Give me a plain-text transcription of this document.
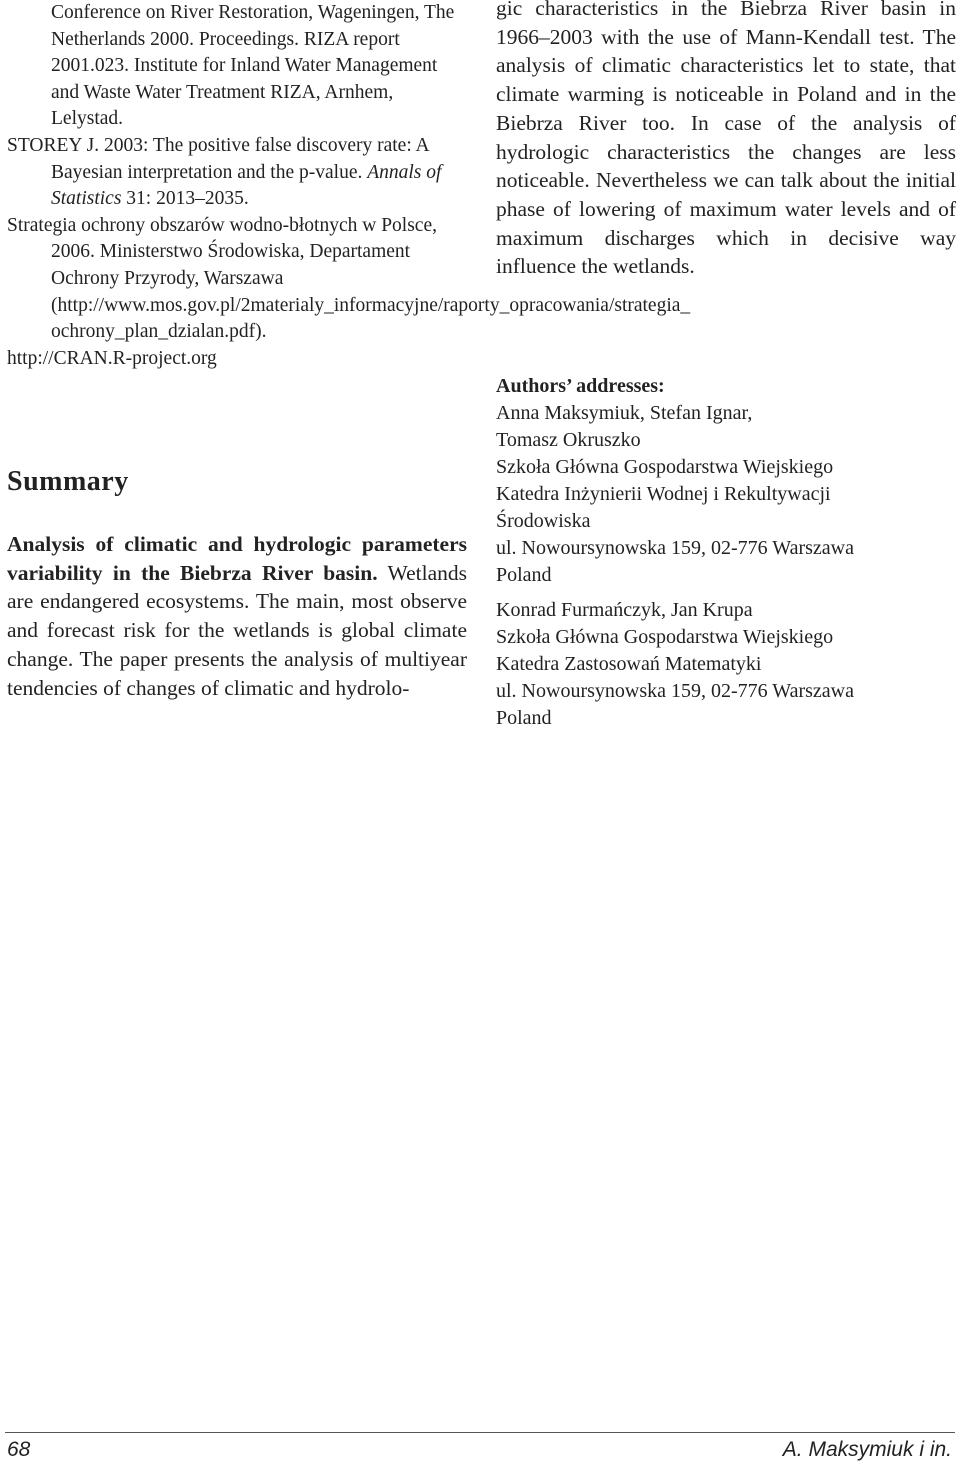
Conference on River Restoration, Wageningen, The Netherlands 2000. Proceedings. RIZA report 2001.023. Institute for Inland Water Management and Waste Water Treatment RIZA, Arnhem, Lelystad.

STOREY J. 2003: The positive false discovery rate: A Bayesian interpretation and the p-value. Annals of Statistics 31: 2013–2035.

Strategia ochrony obszarów wodno-błotnych w Polsce, 2006. Ministerstwo Środowiska, Departament Ochrony Przyrody, Warszawa (http://www.mos.gov.pl/2materialy_informacyjne/raporty_opracowania/strategia_ ochrony_plan_dzialan.pdf).

http://CRAN.R-project.org

Summary

Analysis of climatic and hydrologic parameters variability in the Biebrza River basin. Wetlands are endangered ecosystems. The main, most observe and forecast risk for the wetlands is global climate change. The paper presents the analysis of multiyear tendencies of changes of climatic and hydrolo-

gic characteristics in the Biebrza River basin in 1966–2003 with the use of Mann-Kendall test. The analysis of climatic characteristics let to state, that climate warming is noticeable in Poland and in the Biebrza River too. In case of the analysis of hydrologic characteristics the changes are less noticeable. Nevertheless we can talk about the initial phase of lowering of maximum water levels and of maximum discharges which in decisive way influence the wetlands.

Authors’ addresses:

Anna Maksymiuk, Stefan Ignar,
Tomasz Okruszko
Szkoła Główna Gospodarstwa Wiejskiego
Katedra Inżynierii Wodnej i Rekultywacji
Środowiska
ul. Nowoursynowska 159, 02-776 Warszawa
Poland
Konrad Furmańczyk, Jan Krupa
Szkoła Główna Gospodarstwa Wiejskiego
Katedra Zastosowań Matematyki
ul. Nowoursynowska 159, 02-776 Warszawa
Poland

68	A. Maksymiuk i in.
